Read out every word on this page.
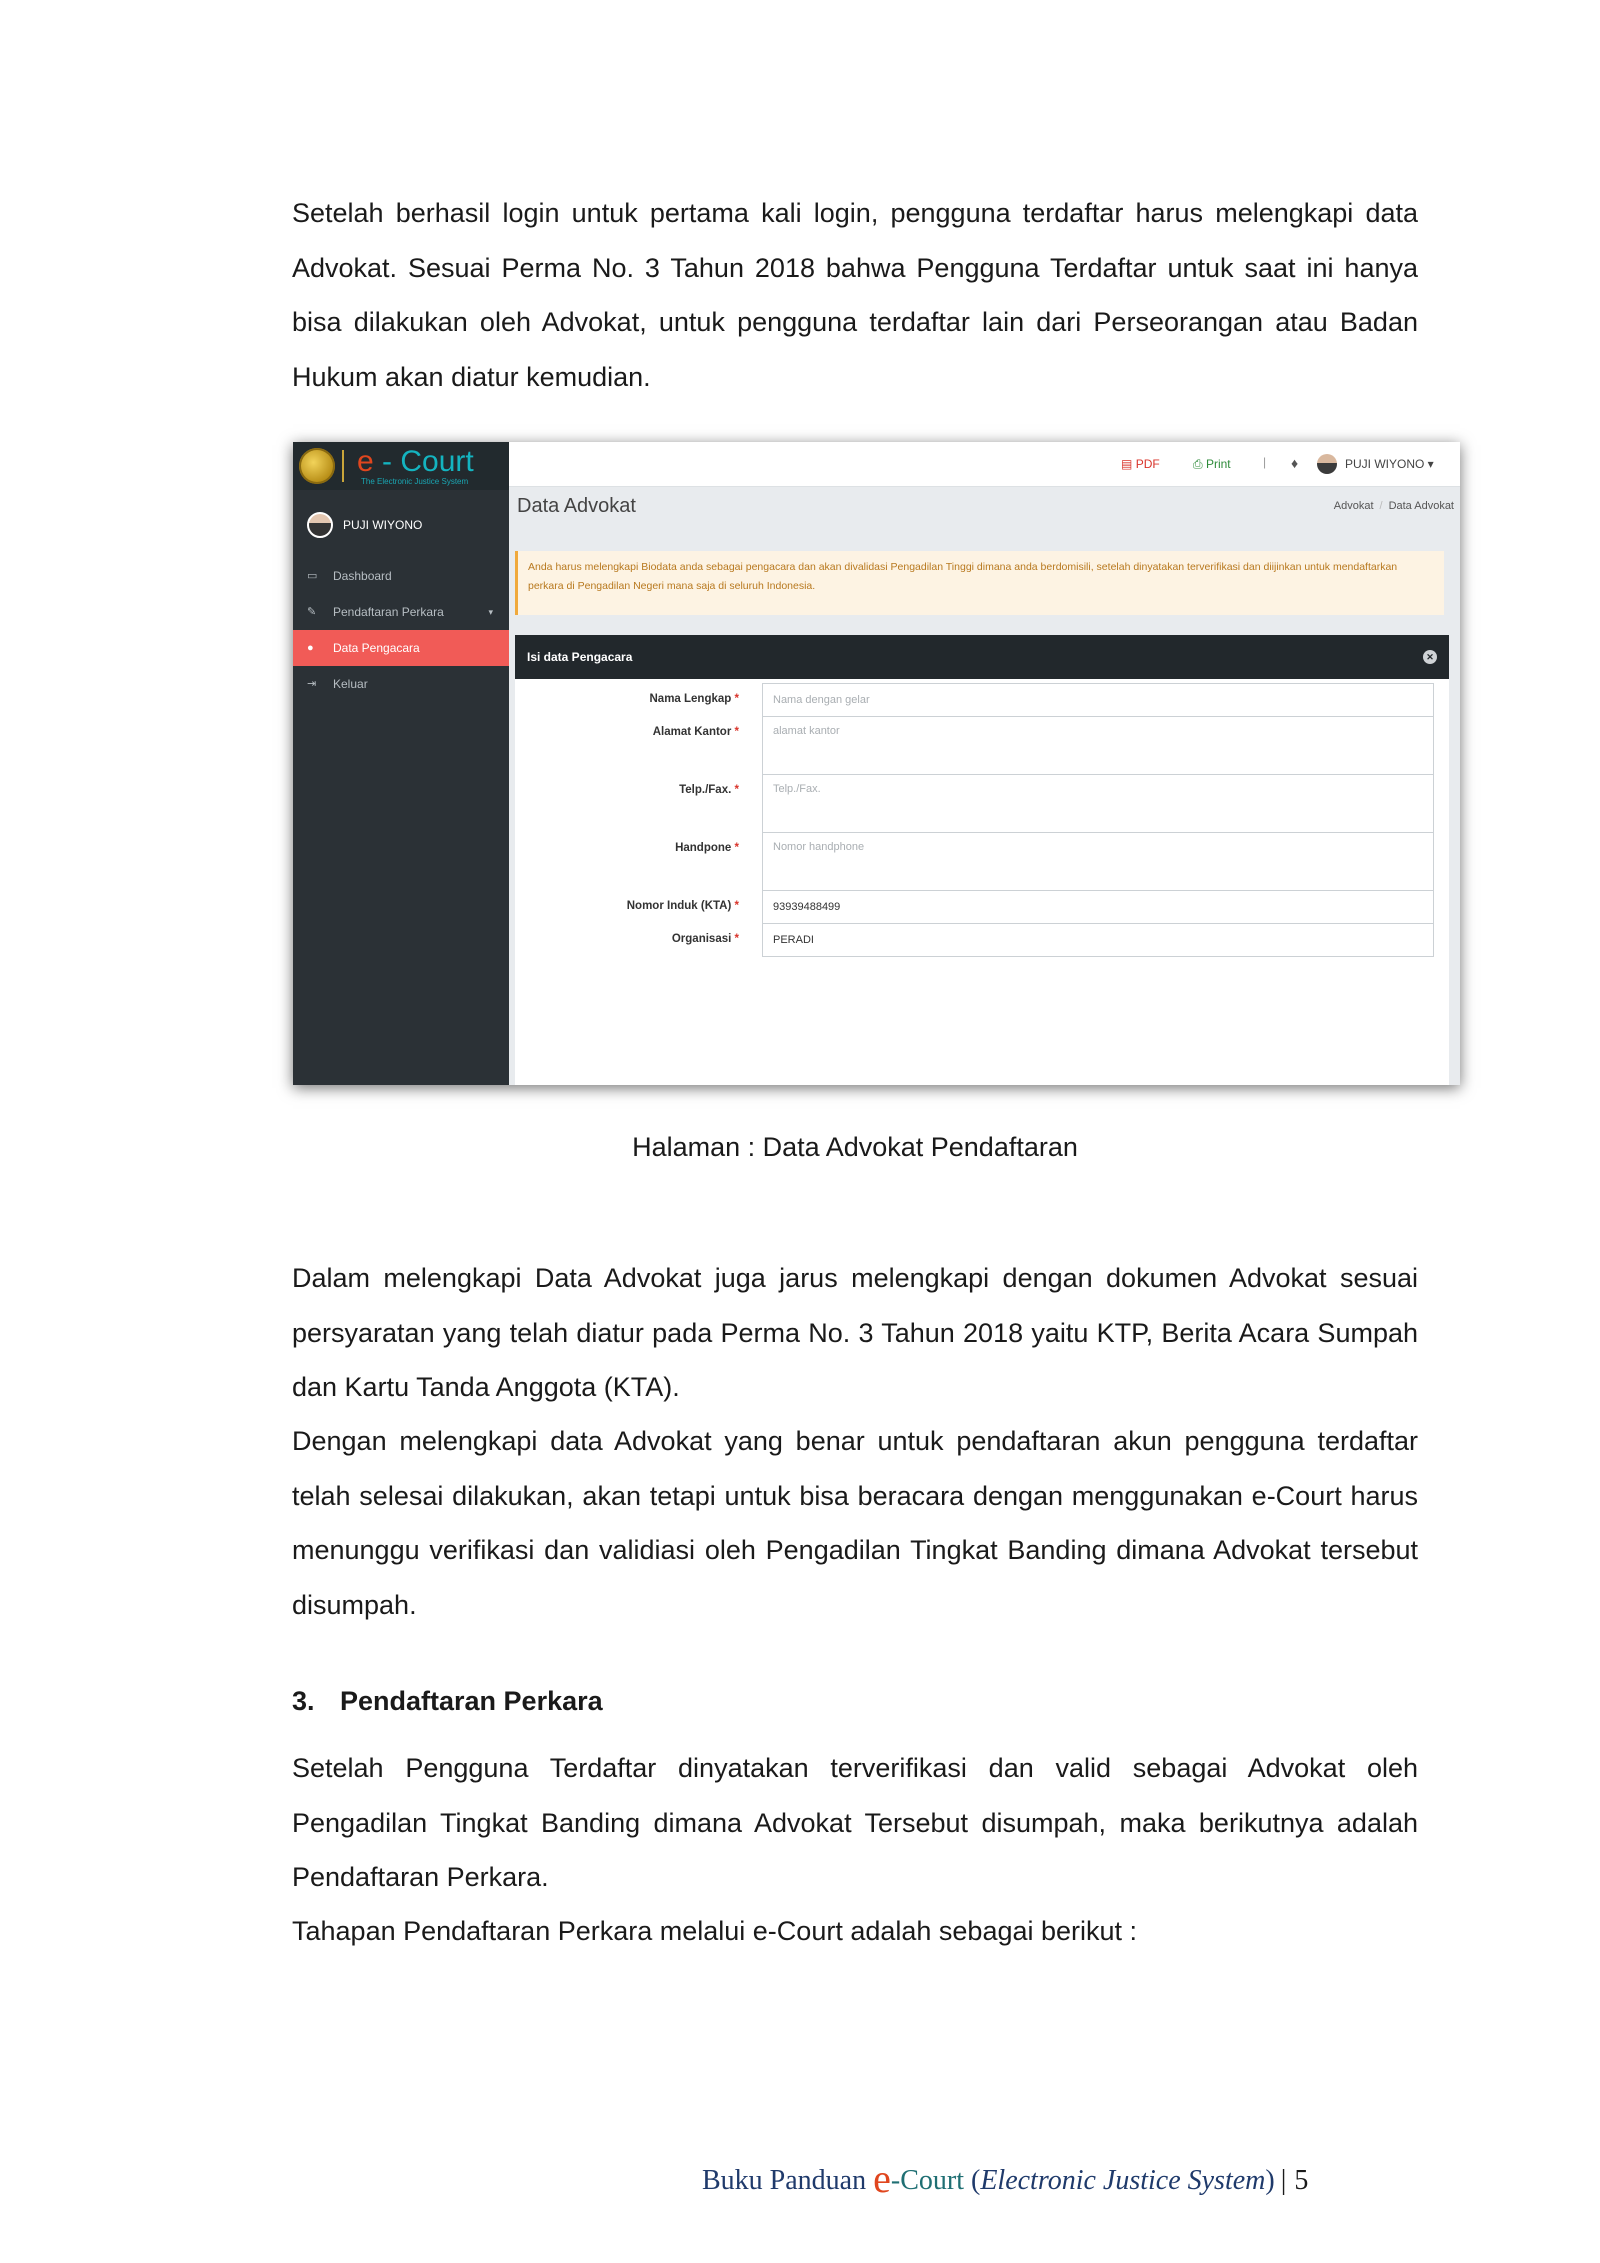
Setelah berhasil login untuk pertama kali login, pengguna terdaftar harus melengkapi data Advokat. Sesuai Perma No. 3 Tahun 2018 bahwa Pengguna Terdaftar untuk saat ini hanya bisa dilakukan oleh Advokat, untuk pengguna terdaftar lain dari Perseorangan atau Badan Hukum akan diatur kemudian.

e - Court
The Electronic Justice System
PUJI WIYONO
▭ Dashboard
✎ Pendaftaran Perkara	▾
● Data Pengacara
⇥ Keluar
▤ PDF	⎙ Print	| ♦	PUJI WIYONO ▾
Data Advokat	Advokat / Data Advokat
Anda harus melengkapi Biodata anda sebagai pengacara dan akan divalidasi Pengadilan Tinggi dimana anda berdomisili, setelah dinyatakan terverifikasi dan diijinkan untuk mendaftarkan perkara di Pengadilan Negeri mana saja di seluruh Indonesia.
Isi data Pengacara	✕
Nama Lengkap *	Nama dengan gelar
Alamat Kantor *	alamat kantor
Telp./Fax. *	Telp./Fax.
Handpone *	Nomor handphone
Nomor Induk (KTA) *	93939488499
Organisasi *	PERADI

Halaman : Data Advokat Pendaftaran

Dalam melengkapi Data Advokat juga jarus melengkapi dengan dokumen Advokat sesuai persyaratan yang telah diatur pada Perma No. 3 Tahun 2018 yaitu KTP, Berita Acara Sumpah dan Kartu Tanda Anggota (KTA).

Dengan melengkapi data Advokat yang benar untuk pendaftaran akun pengguna terdaftar telah selesai dilakukan, akan tetapi untuk bisa beracara dengan menggunakan e-Court harus menunggu verifikasi dan validiasi oleh Pengadilan Tingkat Banding dimana Advokat tersebut disumpah.

3. Pendaftaran Perkara

Setelah Pengguna Terdaftar dinyatakan terverifikasi dan valid sebagai Advokat oleh Pengadilan Tingkat Banding dimana Advokat Tersebut disumpah, maka berikutnya adalah Pendaftaran Perkara.

Tahapan Pendaftaran Perkara melalui e-Court adalah sebagai berikut :

Buku Panduan e-Court (Electronic Justice System) | 5
